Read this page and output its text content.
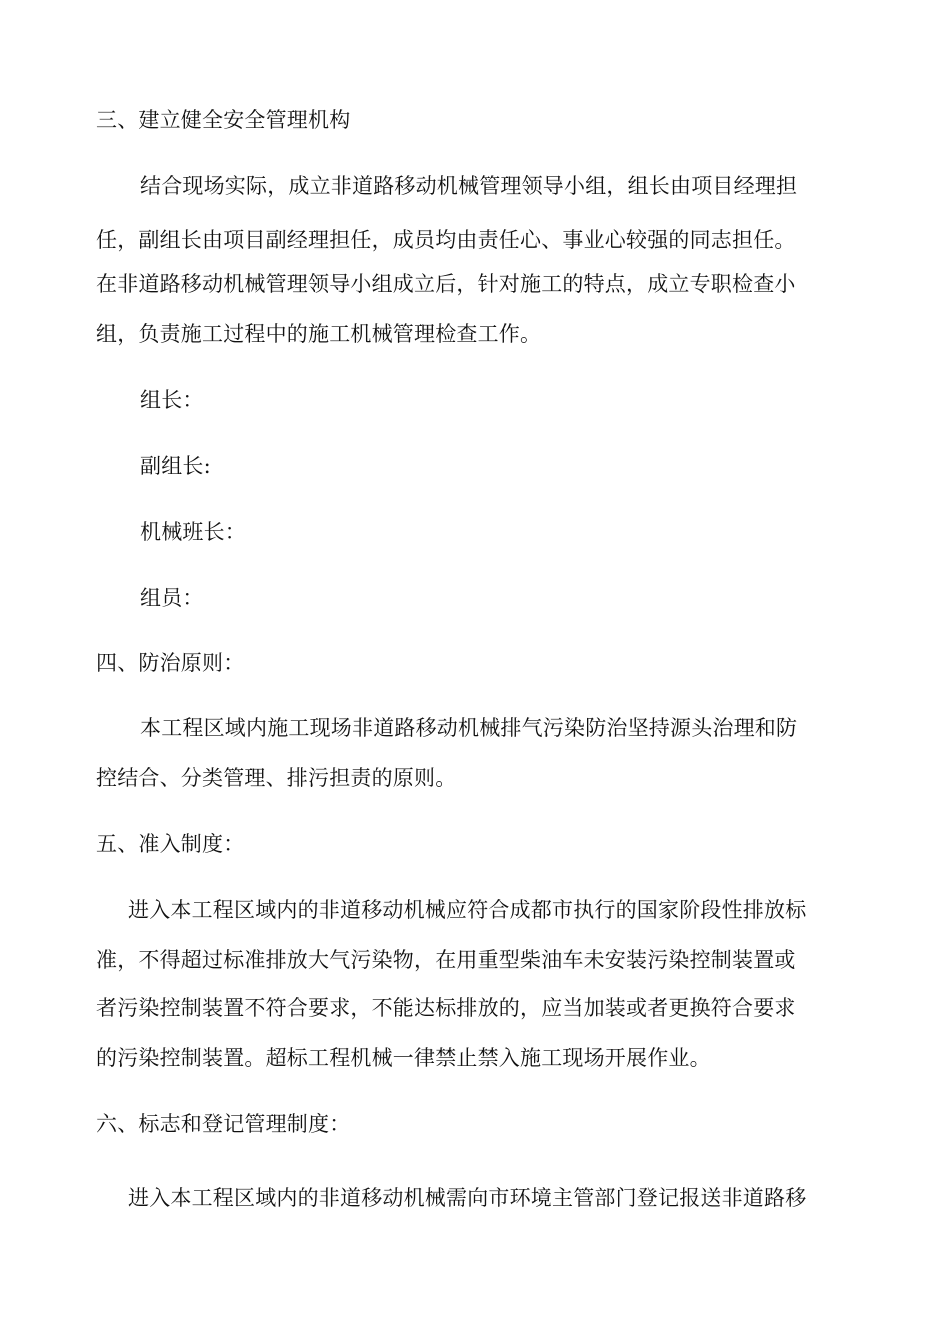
三、建立健全安全管理机构
结合现场实际，成立非道路移动机械管理领导小组，组长由项目经理担
任，副组长由项目副经理担任，成员均由责任心、事业心较强的同志担任。
在非道路移动机械管理领导小组成立后，针对施工的特点，成立专职检查小
组，负责施工过程中的施工机械管理检查工作。
组长：
副组长:
机械班长：
组员：
四、防治原则：
本工程区域内施工现场非道路移动机械排气污染防治坚持源头治理和防
控结合、分类管理、排污担责的原则。
五、准入制度：
进入本工程区域内的非道移动机械应符合成都市执行的国家阶段性排放标
准，不得超过标准排放大气污染物，在用重型柴油车未安装污染控制装置或
者污染控制装置不符合要求，不能达标排放的，应当加装或者更换符合要求
的污染控制装置。超标工程机械一律禁止禁入施工现场开展作业。
六、标志和登记管理制度：
进入本工程区域内的非道移动机械需向市环境主管部门登记报送非道路移
